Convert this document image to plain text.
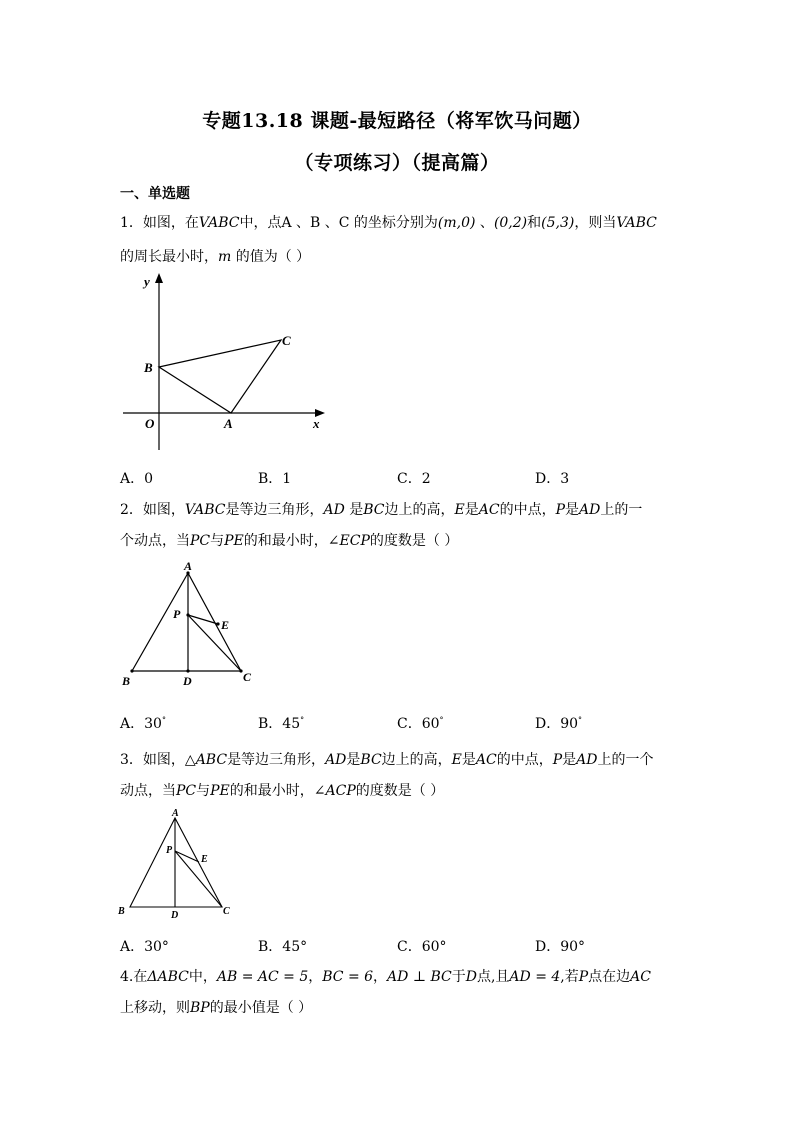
专题13.18 课题-最短路径（将军饮马问题）
（专项练习）（提高篇）
一、单选题
1．如图，在VABC中，点A 、B 、C 的坐标分别为(m,0) 、(0,2)和(5,3)，则当VABC
的周长最小时，m 的值为（ ）
y
x
O	A
B
C
A．0	B．1	C．2	D．3
2．如图，VABC是等边三角形，AD 是BC边上的高，E是AC的中点，P是AD上的一
个动点，当PC与PE的和最小时，∠ECP的度数是（ ）
A
P
E
B	D	C
A．30°	B．45°	C．60°	D．90°
3．如图，△ABC是等边三角形，AD是BC边上的高，E是AC的中点，P是AD上的一个
动点，当PC与PE的和最小时，∠ACP的度数是（ ）
A
P
E
B	D	C
A．30°	B．45°	C．60°	D．90°
4.在ΔABC中，AB = AC = 5，BC = 6，AD ⊥ BC于D点,且AD = 4,若P点在边AC
上移动，则BP的最小值是（ ）
